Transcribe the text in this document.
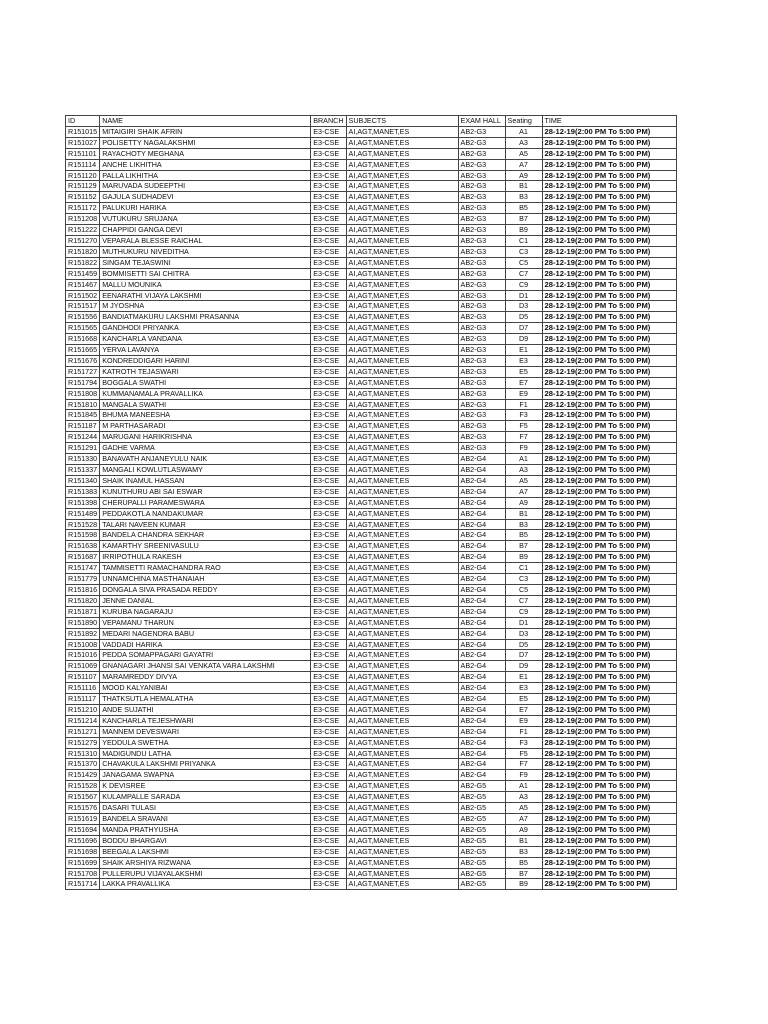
ID	NAME	BRANCH	SUBJECTS	EXAM HALL	Seating	TIME
R151015	MITAIGIRI SHAIK AFRIN	E3-CSE	AI,AGT,MANET,ES	AB2-G3	A1	28-12-19(2:00 PM To 5:00 PM)
R151027	POLISETTY NAGALAKSHMI	E3-CSE	AI,AGT,MANET,ES	AB2-G3	A3	28-12-19(2:00 PM To 5:00 PM)
R151101	RAYACHOTY MEGHANA	E3-CSE	AI,AGT,MANET,ES	AB2-G3	A5	28-12-19(2:00 PM To 5:00 PM)
R151114	ANCHE LIKHITHA	E3-CSE	AI,AGT,MANET,ES	AB2-G3	A7	28-12-19(2:00 PM To 5:00 PM)
R151120	PALLA LIKHITHA	E3-CSE	AI,AGT,MANET,ES	AB2-G3	A9	28-12-19(2:00 PM To 5:00 PM)
R151129	MARUVADA SUDEEPTHI	E3-CSE	AI,AGT,MANET,ES	AB2-G3	B1	28-12-19(2:00 PM To 5:00 PM)
R151152	GAJULA SUDHADEVI	E3-CSE	AI,AGT,MANET,ES	AB2-G3	B3	28-12-19(2:00 PM To 5:00 PM)
R151172	PALUKURI HARIKA	E3-CSE	AI,AGT,MANET,ES	AB2-G3	B5	28-12-19(2:00 PM To 5:00 PM)
R151208	VUTUKURU SRUJANA	E3-CSE	AI,AGT,MANET,ES	AB2-G3	B7	28-12-19(2:00 PM To 5:00 PM)
R151222	CHAPPIDI GANGA DEVI	E3-CSE	AI,AGT,MANET,ES	AB2-G3	B9	28-12-19(2:00 PM To 5:00 PM)
R151270	VEPARALA BLESSE RAICHAL	E3-CSE	AI,AGT,MANET,ES	AB2-G3	C1	28-12-19(2:00 PM To 5:00 PM)
R151820	MUTHUKURU NIVEDITHA	E3-CSE	AI,AGT,MANET,ES	AB2-G3	C3	28-12-19(2:00 PM To 5:00 PM)
R151822	SINGAM TEJASWINI	E3-CSE	AI,AGT,MANET,ES	AB2-G3	C5	28-12-19(2:00 PM To 5:00 PM)
R151459	BOMMISETTI SAI CHITRA	E3-CSE	AI,AGT,MANET,ES	AB2-G3	C7	28-12-19(2:00 PM To 5:00 PM)
R151467	MALLU MOUNIKA	E3-CSE	AI,AGT,MANET,ES	AB2-G3	C9	28-12-19(2:00 PM To 5:00 PM)
R151502	EENARATHI VIJAYA LAKSHMI	E3-CSE	AI,AGT,MANET,ES	AB2-G3	D1	28-12-19(2:00 PM To 5:00 PM)
R151517	M JYOSHNA	E3-CSE	AI,AGT,MANET,ES	AB2-G3	D3	28-12-19(2:00 PM To 5:00 PM)
R151556	BANDIATMAKURU LAKSHMI PRASANNA	E3-CSE	AI,AGT,MANET,ES	AB2-G3	D5	28-12-19(2:00 PM To 5:00 PM)
R151565	GANDHODI PRIYANKA	E3-CSE	AI,AGT,MANET,ES	AB2-G3	D7	28-12-19(2:00 PM To 5:00 PM)
R151668	KANCHARLA VANDANA	E3-CSE	AI,AGT,MANET,ES	AB2-G3	D9	28-12-19(2:00 PM To 5:00 PM)
R151665	YERVA LAVANYA	E3-CSE	AI,AGT,MANET,ES	AB2-G3	E1	28-12-19(2:00 PM To 5:00 PM)
R151676	KONDREDDIGARI HARINI	E3-CSE	AI,AGT,MANET,ES	AB2-G3	E3	28-12-19(2:00 PM To 5:00 PM)
R151727	KATROTH TEJASWARI	E3-CSE	AI,AGT,MANET,ES	AB2-G3	E5	28-12-19(2:00 PM To 5:00 PM)
R151794	BOGGALA SWATHI	E3-CSE	AI,AGT,MANET,ES	AB2-G3	E7	28-12-19(2:00 PM To 5:00 PM)
R151808	KUMMANAMALA PRAVALLIKA	E3-CSE	AI,AGT,MANET,ES	AB2-G3	E9	28-12-19(2:00 PM To 5:00 PM)
R151810	MANGALA SWATHI	E3-CSE	AI,AGT,MANET,ES	AB2-G3	F1	28-12-19(2:00 PM To 5:00 PM)
R151845	BHUMA MANEESHA	E3-CSE	AI,AGT,MANET,ES	AB2-G3	F3	28-12-19(2:00 PM To 5:00 PM)
R151187	M PARTHASARADI	E3-CSE	AI,AGT,MANET,ES	AB2-G3	F5	28-12-19(2:00 PM To 5:00 PM)
R151244	MARUGANI HARIKRISHNA	E3-CSE	AI,AGT,MANET,ES	AB2-G3	F7	28-12-19(2:00 PM To 5:00 PM)
R151291	GADHE VARMA	E3-CSE	AI,AGT,MANET,ES	AB2-G3	F9	28-12-19(2:00 PM To 5:00 PM)
R151330	BANAVATH ANJANEYULU NAIK	E3-CSE	AI,AGT,MANET,ES	AB2-G4	A1	28-12-19(2:00 PM To 5:00 PM)
R151337	MANGALI KOWLUTLASWAMY	E3-CSE	AI,AGT,MANET,ES	AB2-G4	A3	28-12-19(2:00 PM To 5:00 PM)
R151340	SHAIK INAMUL HASSAN	E3-CSE	AI,AGT,MANET,ES	AB2-G4	A5	28-12-19(2:00 PM To 5:00 PM)
R151383	KUNUTHURU ABI SAI ESWAR	E3-CSE	AI,AGT,MANET,ES	AB2-G4	A7	28-12-19(2:00 PM To 5:00 PM)
R151398	CHERUPALLI PARAMESWARA	E3-CSE	AI,AGT,MANET,ES	AB2-G4	A9	28-12-19(2:00 PM To 5:00 PM)
R151489	PEDDAKOTLA NANDAKUMAR	E3-CSE	AI,AGT,MANET,ES	AB2-G4	B1	28-12-19(2:00 PM To 5:00 PM)
R151528	TALARI NAVEEN KUMAR	E3-CSE	AI,AGT,MANET,ES	AB2-G4	B3	28-12-19(2:00 PM To 5:00 PM)
R151598	BANDELA CHANDRA SEKHAR	E3-CSE	AI,AGT,MANET,ES	AB2-G4	B5	28-12-19(2:00 PM To 5:00 PM)
R151638	KAMARTHY SREENIVASULU	E3-CSE	AI,AGT,MANET,ES	AB2-G4	B7	28-12-19(2:00 PM To 5:00 PM)
R151687	IRRIPOTHULA RAKESH	E3-CSE	AI,AGT,MANET,ES	AB2-G4	B9	28-12-19(2:00 PM To 5:00 PM)
R151747	TAMMISETTI RAMACHANDRA RAO	E3-CSE	AI,AGT,MANET,ES	AB2-G4	C1	28-12-19(2:00 PM To 5:00 PM)
R151779	UNNAMCHINA MASTHANAIAH	E3-CSE	AI,AGT,MANET,ES	AB2-G4	C3	28-12-19(2:00 PM To 5:00 PM)
R151816	DONGALA SIVA PRASADA REDDY	E3-CSE	AI,AGT,MANET,ES	AB2-G4	C5	28-12-19(2:00 PM To 5:00 PM)
R151820	JENNE DANIAL	E3-CSE	AI,AGT,MANET,ES	AB2-G4	C7	28-12-19(2:00 PM To 5:00 PM)
R151871	KURUBA NAGARAJU	E3-CSE	AI,AGT,MANET,ES	AB2-G4	C9	28-12-19(2:00 PM To 5:00 PM)
R151890	VEPAMANU THARUN	E3-CSE	AI,AGT,MANET,ES	AB2-G4	D1	28-12-19(2:00 PM To 5:00 PM)
R151892	MEDARI NAGENDRA BABU	E3-CSE	AI,AGT,MANET,ES	AB2-G4	D3	28-12-19(2:00 PM To 5:00 PM)
R151008	VADDADI HARIKA	E3-CSE	AI,AGT,MANET,ES	AB2-G4	D5	28-12-19(2:00 PM To 5:00 PM)
R151016	PEDDA SOMAPPAGARI GAYATRI	E3-CSE	AI,AGT,MANET,ES	AB2-G4	D7	28-12-19(2:00 PM To 5:00 PM)
R151069	GNANAGARI JHANSI SAI VENKATA VARA LAKSHMI	E3-CSE	AI,AGT,MANET,ES	AB2-G4	D9	28-12-19(2:00 PM To 5:00 PM)
R151107	MARAMREDDY DIVYA	E3-CSE	AI,AGT,MANET,ES	AB2-G4	E1	28-12-19(2:00 PM To 5:00 PM)
R151116	MOOD KALYANIBAI	E3-CSE	AI,AGT,MANET,ES	AB2-G4	E3	28-12-19(2:00 PM To 5:00 PM)
R151117	THATKSUTLA HEMALATHA	E3-CSE	AI,AGT,MANET,ES	AB2-G4	E5	28-12-19(2:00 PM To 5:00 PM)
R151210	ANDE SUJATHI	E3-CSE	AI,AGT,MANET,ES	AB2-G4	E7	28-12-19(2:00 PM To 5:00 PM)
R151214	KANCHARLA TEJESHWARI	E3-CSE	AI,AGT,MANET,ES	AB2-G4	E9	28-12-19(2:00 PM To 5:00 PM)
R151271	MANNEM DEVESWARI	E3-CSE	AI,AGT,MANET,ES	AB2-G4	F1	28-12-19(2:00 PM To 5:00 PM)
R151279	YEDDULA SWETHA	E3-CSE	AI,AGT,MANET,ES	AB2-G4	F3	28-12-19(2:00 PM To 5:00 PM)
R151310	MADIGUNDU LATHA	E3-CSE	AI,AGT,MANET,ES	AB2-G4	F5	28-12-19(2:00 PM To 5:00 PM)
R151370	CHAVAKULA LAKSHMI PRIYANKA	E3-CSE	AI,AGT,MANET,ES	AB2-G4	F7	28-12-19(2:00 PM To 5:00 PM)
R151429	JANAGAMA SWAPNA	E3-CSE	AI,AGT,MANET,ES	AB2-G4	F9	28-12-19(2:00 PM To 5:00 PM)
R151528	K DEVISREE	E3-CSE	AI,AGT,MANET,ES	AB2-G5	A1	28-12-19(2:00 PM To 5:00 PM)
R151567	KULAMPALLE SARADA	E3-CSE	AI,AGT,MANET,ES	AB2-G5	A3	28-12-19(2:00 PM To 5:00 PM)
R151576	DASARI TULASI	E3-CSE	AI,AGT,MANET,ES	AB2-G5	A5	28-12-19(2:00 PM To 5:00 PM)
R151619	BANDELA SRAVANI	E3-CSE	AI,AGT,MANET,ES	AB2-G5	A7	28-12-19(2:00 PM To 5:00 PM)
R151694	MANDA PRATHYUSHA	E3-CSE	AI,AGT,MANET,ES	AB2-G5	A9	28-12-19(2:00 PM To 5:00 PM)
R151696	BODDU BHARGAVI	E3-CSE	AI,AGT,MANET,ES	AB2-G5	B1	28-12-19(2:00 PM To 5:00 PM)
R151698	BEEGALA LAKSHMI	E3-CSE	AI,AGT,MANET,ES	AB2-G5	B3	28-12-19(2:00 PM To 5:00 PM)
R151699	SHAIK ARSHIYA RIZWANA	E3-CSE	AI,AGT,MANET,ES	AB2-G5	B5	28-12-19(2:00 PM To 5:00 PM)
R151708	PULLERUPU VIJAYALAKSHMI	E3-CSE	AI,AGT,MANET,ES	AB2-G5	B7	28-12-19(2:00 PM To 5:00 PM)
R151714	LAKKA PRAVALLIKA	E3-CSE	AI,AGT,MANET,ES	AB2-G5	B9	28-12-19(2:00 PM To 5:00 PM)
